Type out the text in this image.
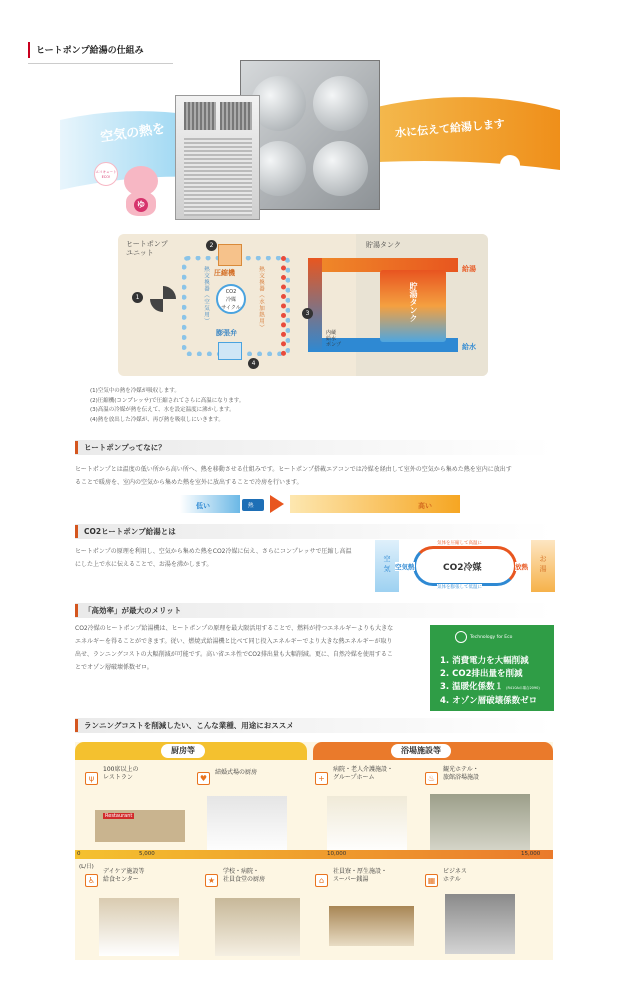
ヒートポンプ給湯の仕組み
空気の熱を	水に伝えて給湯します
ゆ
エコキュートECO!
ヒートポンプ
ユニット
貯湯タンク
1	熱交換器（空気用）	熱交換器（水加熱用）
2
圧縮機
CO2
冷媒
サイクル
膨張弁
4
3
内蔵
給水
ポンプ
貯湯タンク
給湯
給水
(1)空気中の熱を冷媒が吸収します。
(2)圧縮機(コンプレッサ)で圧縮されてさらに高温になります。
(3)高温の冷媒が熱を伝えて、水を設定温度に沸かします。
(4)熱を放出した冷媒が、再び熱を吸収しにいきます。
ヒートポンプってなに？
ヒートポンプとは温度の低い所から高い所へ、熱を移動させる仕組みです。ヒートポンプ搭載エアコンでは冷媒を経由して室外の空気から集めた熱を室内に放出す
ることで暖房を、室内の空気から集めた熱を室外に放出することで冷房を行います。
低い	熱	高い
CO2ヒートポンプ給湯とは
ヒートポンプの原理を利用し、空気から集めた熱をCO2冷媒に伝え、さらにコンプレッサで圧縮し高温
にした上で水に伝えることで、お湯を沸かします。
空
気
お
湯
空気熱	CO2冷媒	放熱
気体を圧縮して高温に
気体を膨張して低温に
「高効率」が最大のメリット
CO2冷媒のヒートポンプ給湯機は、ヒートポンプの原理を最大限活用することで、燃料が持つエネルギーよりも大きな
エネルギーを得ることができます。従い、燃焼式給湯機と比べて同じ投入エネルギーでより大きな熱エネルギーが取り
出せ、ランニングコストの大幅削減が可能です。高い省エネ性でCO2排出量も大幅削減。更に、自然冷媒を使用するこ
とでオゾン層破壊係数ゼロ。
Technology for Eco
1. 消費電力を大幅削減
2. CO2排出量を削減
3. 温暖化係数１ (R410Aの場合2090)
4. オゾン層破壊係数ゼロ
ランニングコストを削減したい、こんな業種、用途におススメ
厨房等	浴場施設等
ψ
100席以上の
レストラン
Restaurant
♥
結婚式場の厨房
+
病院・老人介護施設・
グループホーム	♨
観光ホテル・
旅館浴場施設
0	5,000	10,000	15,000
(L/日)
♿
デイケア施設等
給食センター	★
学校・病院・
社員食堂の厨房	⌂
社員寮・厚生施設・
スーパー銭湯	▦
ビジネス
ホテル
